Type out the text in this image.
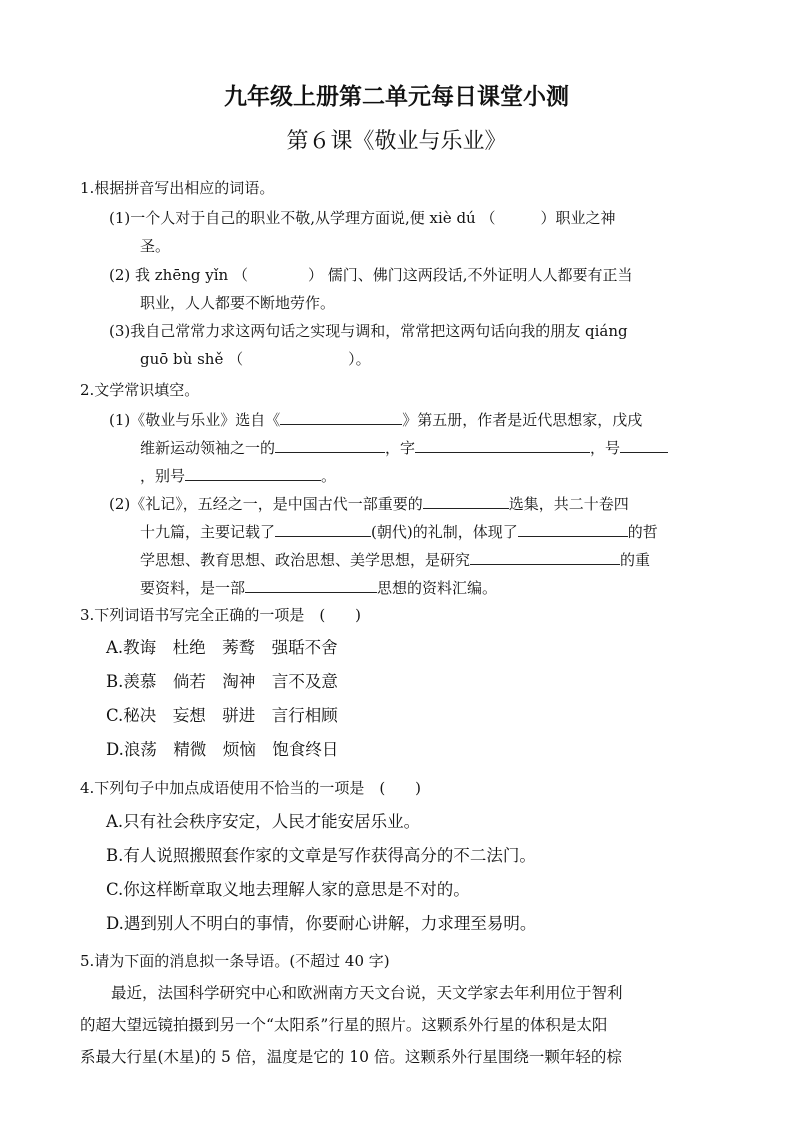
九年级上册第二单元每日课堂小测
第６课《敬业与乐业》
1.根据拼音写出相应的词语。
(1)一个人对于自己的职业不敬,从学理方面说,便 xiè dú （　　　）职业之神
圣。
(2) 我 zhēng yǐn （　　　　） 儒门、佛门这两段话,不外证明人人都要有正当
职业，人人都要不断地劳作。
(3)我自己常常力求这两句话之实现与调和，常常把这两句话向我的朋友 qiáng
guō bù shě （　　　　　　　）。
2.文学常识填空。
(1)《敬业与乐业》选自《	》第五册，作者是近代思想家，戊戌
维新运动领袖之一的	，字	，号
，别号	。
(2)《礼记》，五经之一，是中国古代一部重要的	选集，共二十卷四
十九篇，主要记载了	(朝代)的礼制，体现了	的哲
学思想、教育思想、政治思想、美学思想，是研究	的重
要资料，是一部	思想的资料汇编。
3.下列词语书写完全正确的一项是　(　　)
A.教诲　杜绝　莠鹜　强聒不舍
B.羡慕　倘若　淘神　言不及意
C.秘决　妄想　骈进　言行相顾
D.浪荡　精微　烦恼　饱食终日
4.下列句子中加点成语使用不恰当的一项是　(　　)
A.只有社会秩序安定，人民才能安居乐业。
B.有人说照搬照套作家的文章是写作获得高分的不二法门。
C.你这样断章取义地去理解人家的意思是不对的。
D.遇到别人不明白的事情，你要耐心讲解，力求理至易明。
5.请为下面的消息拟一条导语。(不超过 40 字)
　　最近，法国科学研究中心和欧洲南方天文台说，天文学家去年利用位于智利
的超大望远镜拍摄到另一个“太阳系”行星的照片。这颗系外行星的体积是太阳
系最大行星(木星)的 5 倍，温度是它的 10 倍。这颗系外行星围绕一颗年轻的棕
